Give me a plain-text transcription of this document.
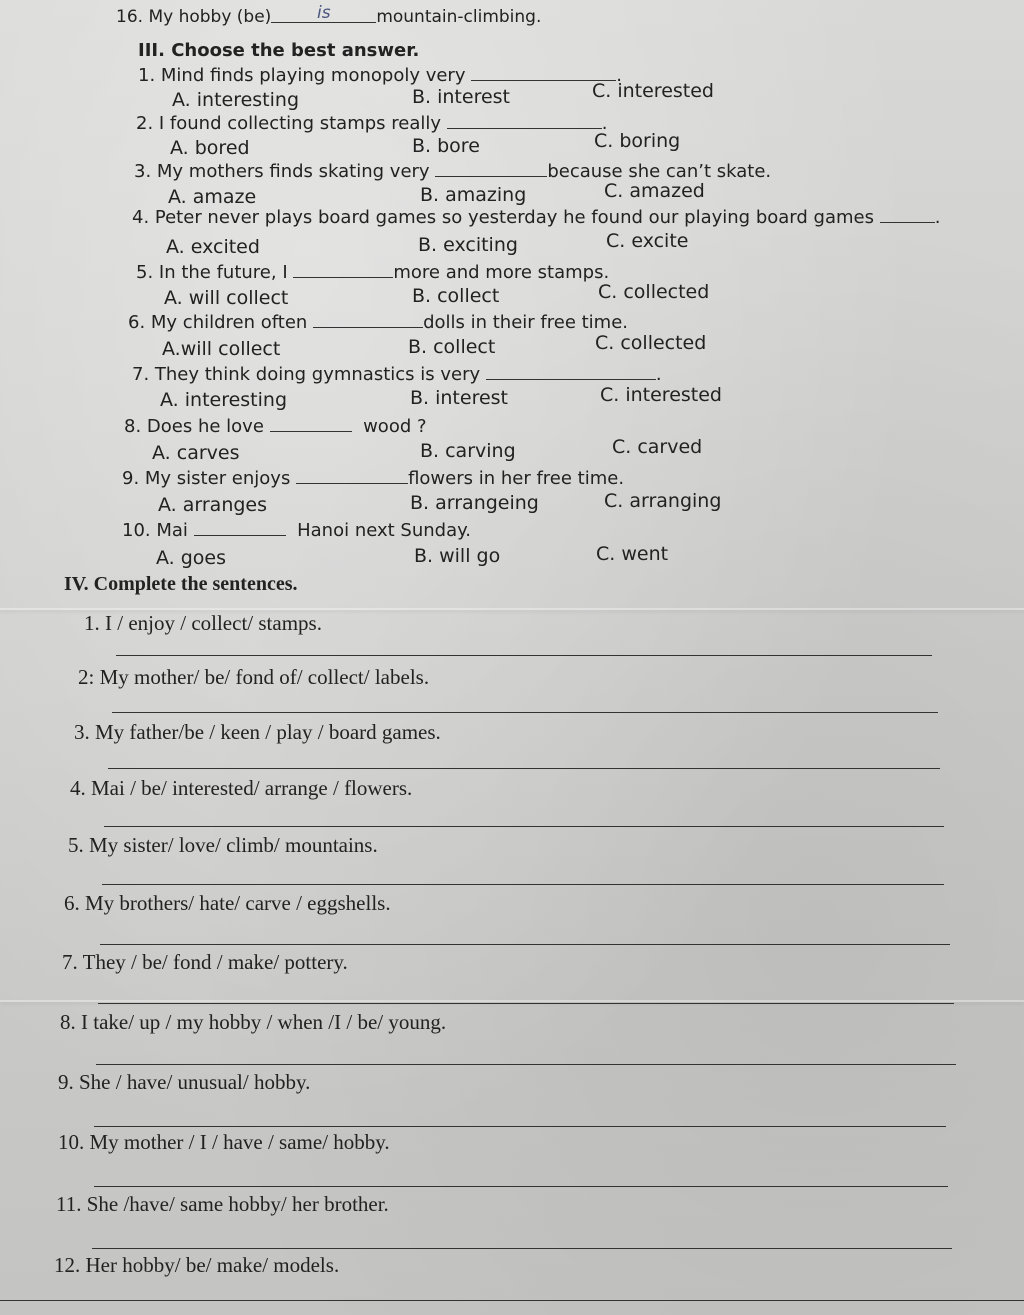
16. My hobby (be)	is	mountain-climbing.
III. Choose the best answer.
1. Mind finds playing monopoly very	.
A. interesting	B. interest	C. interested
2. I found collecting stamps really	.
A. bored	B. bore	C. boring
3. My mothers finds skating very	because she can’t skate.
A. amaze	B. amazing	C. amazed
4. Peter never plays board games so yesterday he found our playing board games	.
A. excited	B. exciting	C. excite
5. In the future, I	more and more stamps.
A. will collect	B. collect	C. collected
6. My children often	dolls in their free time.
A.will collect	B. collect	C. collected
7. They think doing gymnastics is very	.
A. interesting	B. interest	C. interested
8. Does he love	wood ?
A. carves	B. carving	C. carved
9. My sister enjoys	flowers in her free time.
A. arranges	B. arrangeing	C. arranging
10. Mai	Hanoi next Sunday.
A. goes	B. will go	C. went
IV. Complete the sentences.
1. I / enjoy / collect/ stamps.
2: My mother/ be/ fond of/ collect/ labels.
3. My father/be / keen / play / board games.
4. Mai / be/ interested/ arrange / flowers.
5. My sister/ love/ climb/ mountains.
6. My brothers/ hate/ carve / eggshells.
7. They / be/ fond / make/ pottery.
8. I take/ up / my hobby / when /I / be/ young.
9. She / have/ unusual/ hobby.
10. My mother / I / have / same/ hobby.
11. She /have/ same hobby/ her brother.
12. Her hobby/ be/ make/ models.
